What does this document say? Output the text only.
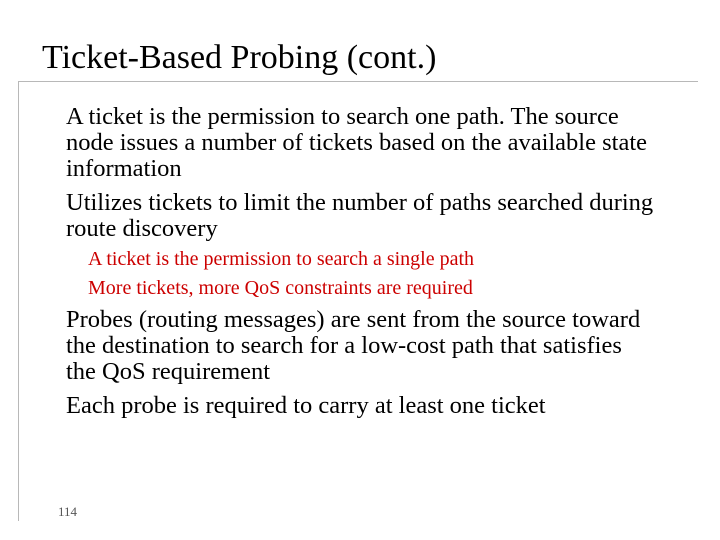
Ticket-Based Probing (cont.)
A ticket is the permission to search one path. The source node issues a number of tickets based on the available state information
Utilizes tickets to limit the number of paths searched during route discovery
A ticket is the permission to search a single path
More tickets, more QoS constraints are required
Probes (routing messages) are sent from the source toward the destination to search for a low-cost path that satisfies the QoS requirement
Each probe is required to carry at least one ticket
114
